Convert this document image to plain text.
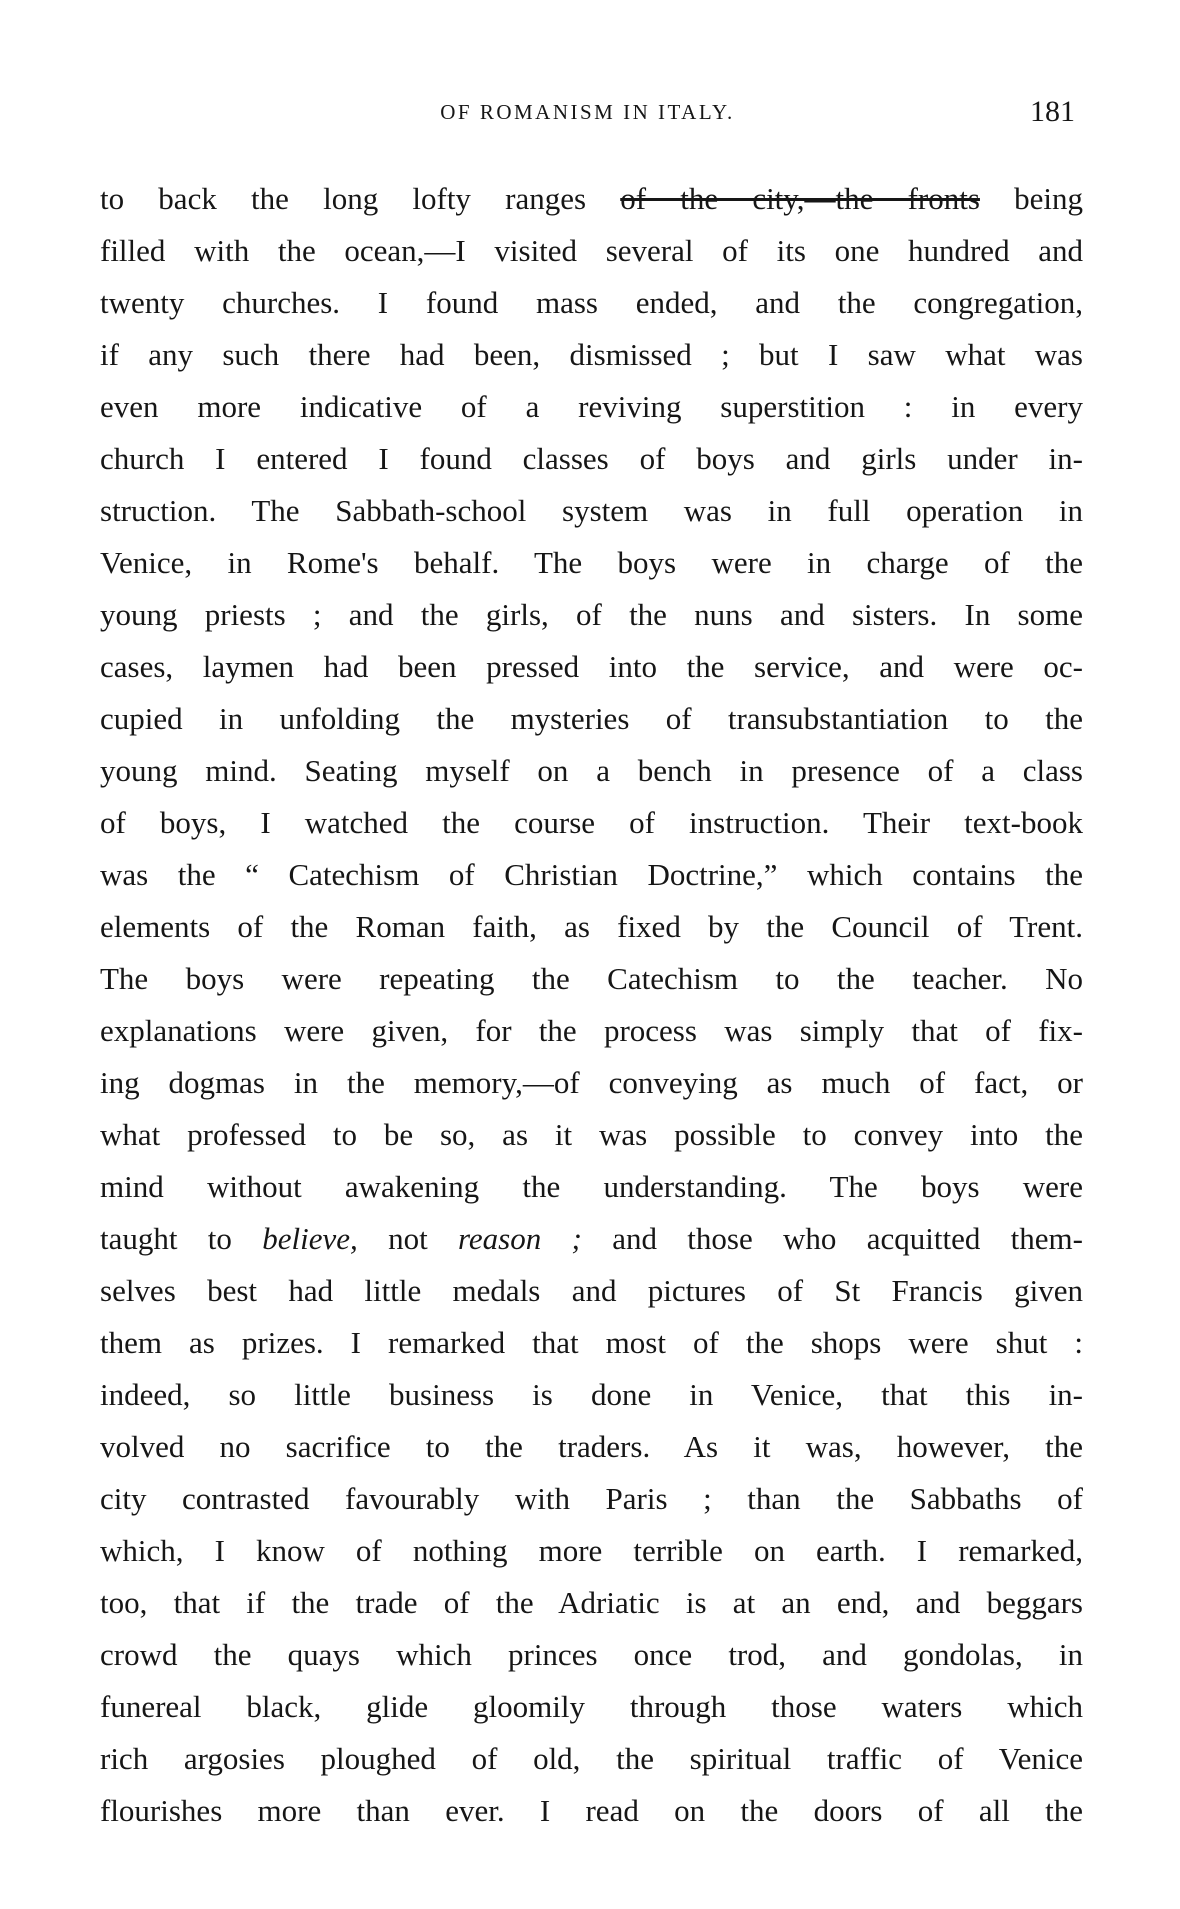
OF ROMANISM IN ITALY.	181
to back the long lofty ranges of the city,—the fronts being
filled with the ocean,—I visited several of its one hundred and
twenty churches. I found mass ended, and the congregation,
if any such there had been, dismissed ; but I saw what was
even more indicative of a reviving superstition : in every
church I entered I found classes of boys and girls under in-
struction. The Sabbath-school system was in full operation in
Venice, in Rome's behalf. The boys were in charge of the
young priests ; and the girls, of the nuns and sisters. In some
cases, laymen had been pressed into the service, and were oc-
cupied in unfolding the mysteries of transubstantiation to the
young mind. Seating myself on a bench in presence of a class
of boys, I watched the course of instruction. Their text-book
was the “ Catechism of Christian Doctrine,” which contains the
elements of the Roman faith, as fixed by the Council of Trent.
The boys were repeating the Catechism to the teacher. No
explanations were given, for the process was simply that of fix-
ing dogmas in the memory,—of conveying as much of fact, or
what professed to be so, as it was possible to convey into the
mind without awakening the understanding. The boys were
taught to believe, not reason ; and those who acquitted them-
selves best had little medals and pictures of St Francis given
them as prizes. I remarked that most of the shops were shut :
indeed, so little business is done in Venice, that this in-
volved no sacrifice to the traders. As it was, however, the
city contrasted favourably with Paris ; than the Sabbaths of
which, I know of nothing more terrible on earth. I remarked,
too, that if the trade of the Adriatic is at an end, and beggars
crowd the quays which princes once trod, and gondolas, in
funereal black, glide gloomily through those waters which
rich argosies ploughed of old, the spiritual traffic of Venice
flourishes more than ever. I read on the doors of all the
